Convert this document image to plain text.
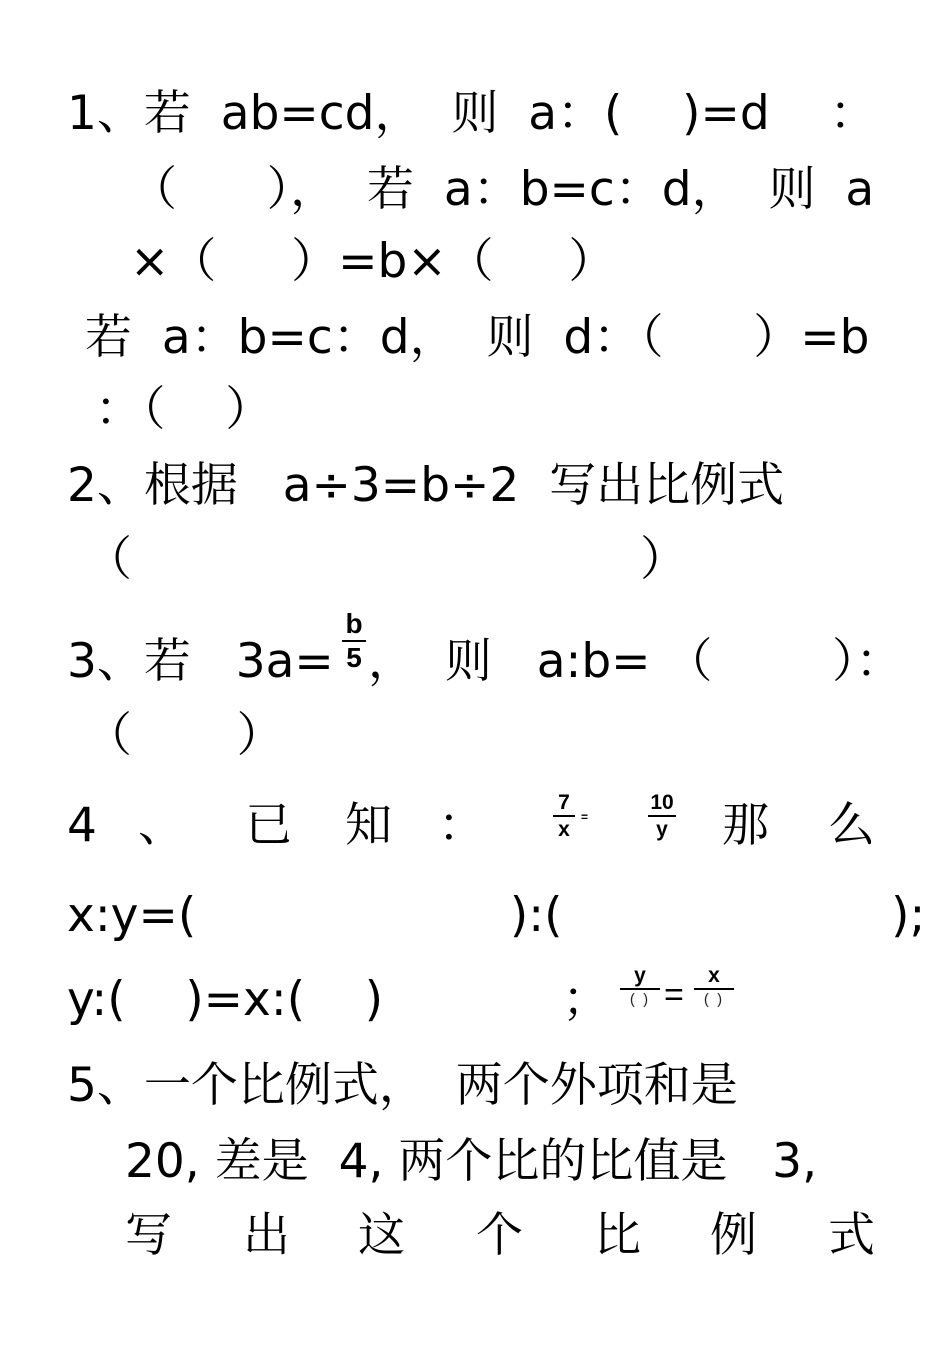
1、若  ab=cd，  则  a：(    )=d    ：
（      ），  若  a：b=c：d，  则  a
×（     ）=b×（     ）
若  a：b=c：d，  则  d：（      ）=b
：（    ）
2、根据   a÷3=b÷2  写出比例式
（                                  ）
3、若   3a=
b
5 ，  则   a:b= （        ）：
（       ）
4 、 已 知 ：	7
x
=
10
y 那 么
x:y=(                     ):(                      );
y:(    )=x:(    )            ； y
( ) =
x
( )
5、一个比例式，  两个外项和是
20, 差是  4, 两个比的比值是   3,
写 出 这 个 比 例 式
